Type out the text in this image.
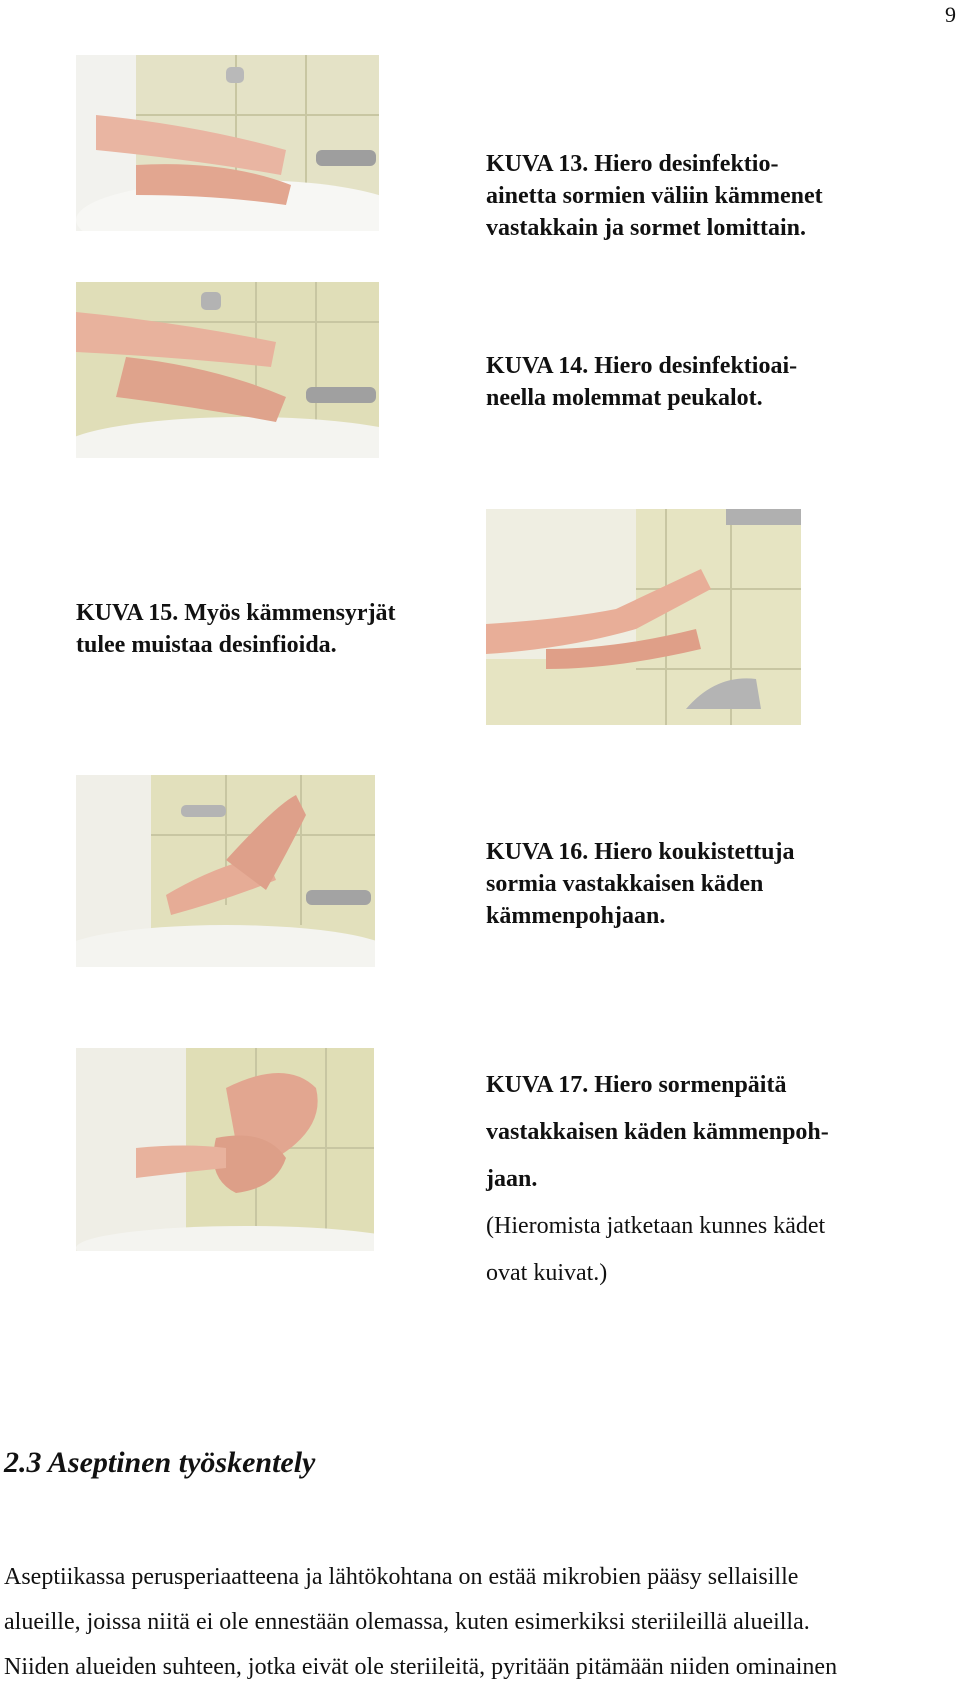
9
KUVA 13. Hiero desinfektio-
ainetta sormien väliin kämmenet
vastakkain ja sormet lomittain.
KUVA 14. Hiero desinfektioai-
neella molemmat peukalot.
KUVA 15. Myös kämmensyrjät
tulee muistaa desinfioida.
KUVA 16. Hiero koukistettuja
sormia vastakkaisen käden
kämmenpohjaan.
KUVA 17. Hiero sormenpäitä
vastakkaisen käden kämmenpoh-
jaan.
(Hieromista jatketaan kunnes kädet
ovat kuivat.)
2.3 Aseptinen työskentely
Aseptiikassa perusperiaatteena ja lähtökohtana on estää mikrobien pääsy sellaisille
alueille, joissa niitä ei ole ennestään olemassa, kuten esimerkiksi steriileillä alueilla.
Niiden alueiden suhteen, jotka eivät ole steriileitä, pyritään pitämään niiden ominainen
